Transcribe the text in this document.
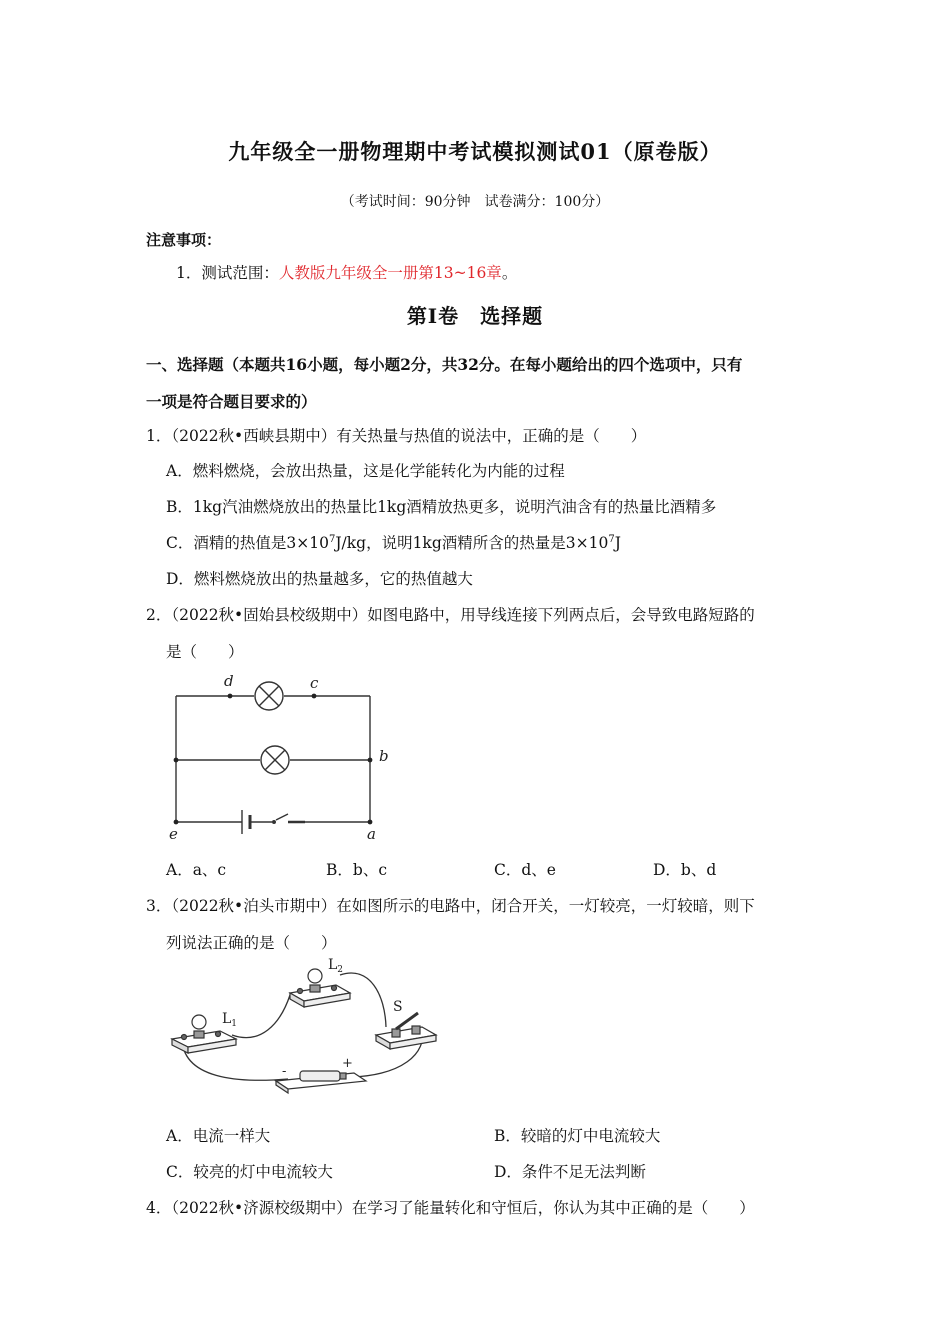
九年级全一册物理期中考试模拟测试01（原卷版）
（考试时间：90分钟　试卷满分：100分）
注意事项：
1．测试范围：人教版九年级全一册第13~16章。
第Ⅰ卷　选择题
一、选择题（本题共16小题，每小题2分，共32分。在每小题给出的四个选项中，只有
一项是符合题目要求的）
1．（2022秋•西峡县期中）有关热量与热值的说法中，正确的是（　　）
A．燃料燃烧，会放出热量，这是化学能转化为内能的过程
B．1kg汽油燃烧放出的热量比1kg酒精放热更多，说明汽油含有的热量比酒精多
C．酒精的热值是$3\times 10^7J/kg$，说明1kg酒精所含的热量是$3\times 10^7J$
D．燃料燃烧放出的热量越多，它的热值越大
2．（2022秋•固始县校级期中）如图电路中，用导线连接下列两点后，会导致电路短路的
是（　　）
d	c
b
e	a
A．a、c	B．b、c	C．d、e	D．b、d
3．（2022秋•泊头市期中）在如图所示的电路中，闭合开关，一灯较亮，一灯较暗，则下
列说法正确的是（　　）
$L_1$
$L_2$
S
-
+
A．电流一样大	B．较暗的灯中电流较大
C．较亮的灯中电流较大	D．条件不足无法判断
4．（2022秋•济源校级期中）在学习了能量转化和守恒后，你认为其中正确的是（　　）
